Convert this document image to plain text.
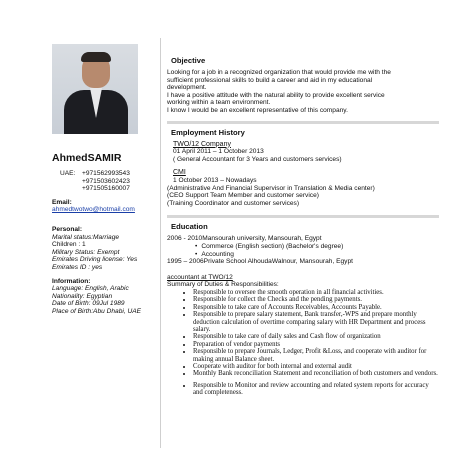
AhmedSAMIR
UAE:	+971562993543
+971503602423
+971505160007
Email:
ahmedtwotwo@hotmail.com
Personal:
Marital status:Marriage
Children : 1
Military Status: Exempt
Emirates Driving license: Yes
Emirates ID : yes
Information:
Language: English, Arabic
Nationality: Egyptian
Date of Birth: 09Jul 1989
Place of Birth:Abu Dhabi, UAE
Objective
Looking for a job in a recognized organization that would provide me with the
sufficient professional skills to build a career and aid in my educational
development.
I have a positive attitude with the natural ability to provide excellent service
working within a team environment.
I know I would be an excellent representative of this company.
Employment History
TWO/12 Company
01 April 2011 – 1 October 2013
( General Accountant for 3 Years and customers services)
CMI
1 October 2013 – Nowadays
(Administrative And Financial Supervisor in Translation & Media center)
(CEO Support Team Member and customer service)
(Training Coordinator and customer services)
Education
2006 - 2010Mansourah university, Mansourah, Egypt
• Commerce (English section) (Bachelor's degree)
• Accounting
1995 – 2006Private School AlhoudaWalnour, Mansourah, Egypt
accountant at TWO/12
Summary of Duties & Responsibilities:
• Responsible to oversee the smooth operation in all financial activities.
• Responsible for collect the Checks and the pending payments.
• Responsible to take care of Accounts Receivables, Accounts Payable.
• Responsible to prepare salary statement, Bank transfer,-WPS and prepare monthly deduction calculation of overtime comparing salary with HR Department and process salary.
• Responsible to take care of daily sales and Cash flow of organization
• Preparation of vendor payments
• Responsible to prepare Journals, Ledger, Profit &Loss, and cooperate with auditor for making annual Balance sheet.
• Cooperate with auditor for both internal and external audit
• Monthly Bank reconciliation Statement and reconciliation of both customers and vendors.
• Responsible to Monitor and review accounting and related system reports for accuracy and completeness.
